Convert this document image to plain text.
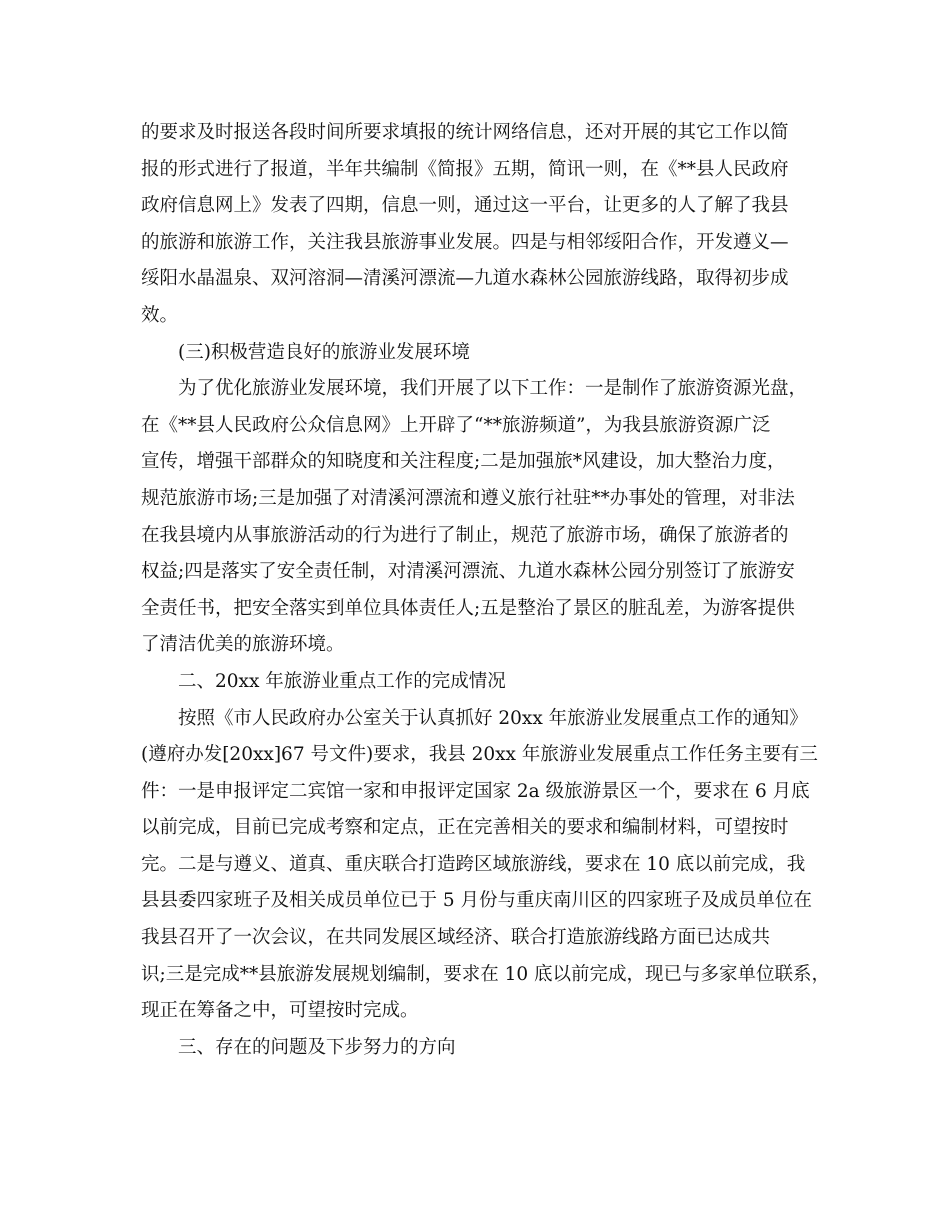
的要求及时报送各段时间所要求填报的统计网络信息，还对开展的其它工作以简
报的形式进行了报道，半年共编制《简报》五期，简讯一则，在《**县人民政府
政府信息网上》发表了四期，信息一则，通过这一平台，让更多的人了解了我县
的旅游和旅游工作，关注我县旅游事业发展。四是与相邻绥阳合作，开发遵义—
绥阳水晶温泉、双河溶洞—清溪河漂流—九道水森林公园旅游线路，取得初步成
效。
(三)积极营造良好的旅游业发展环境
为了优化旅游业发展环境，我们开展了以下工作：一是制作了旅游资源光盘，
在《**县人民政府公众信息网》上开辟了“**旅游频道”，为我县旅游资源广泛
宣传，增强干部群众的知晓度和关注程度;二是加强旅*风建设，加大整治力度，
规范旅游市场;三是加强了对清溪河漂流和遵义旅行社驻**办事处的管理，对非法
在我县境内从事旅游活动的行为进行了制止，规范了旅游市场，确保了旅游者的
权益;四是落实了安全责任制，对清溪河漂流、九道水森林公园分别签订了旅游安
全责任书，把安全落实到单位具体责任人;五是整治了景区的脏乱差，为游客提供
了清洁优美的旅游环境。
二、20xx 年旅游业重点工作的完成情况
按照《市人民政府办公室关于认真抓好 20xx 年旅游业发展重点工作的通知》
(遵府办发[20xx]67 号文件)要求，我县 20xx 年旅游业发展重点工作任务主要有三
件：一是申报评定二宾馆一家和申报评定国家 2a 级旅游景区一个，要求在 6 月底
以前完成，目前已完成考察和定点，正在完善相关的要求和编制材料，可望按时
完。二是与遵义、道真、重庆联合打造跨区域旅游线，要求在 10 底以前完成，我
县县委四家班子及相关成员单位已于 5 月份与重庆南川区的四家班子及成员单位在
我县召开了一次会议，在共同发展区域经济、联合打造旅游线路方面已达成共
识;三是完成**县旅游发展规划编制，要求在 10 底以前完成，现已与多家单位联系，
现正在筹备之中，可望按时完成。
三、存在的问题及下步努力的方向
